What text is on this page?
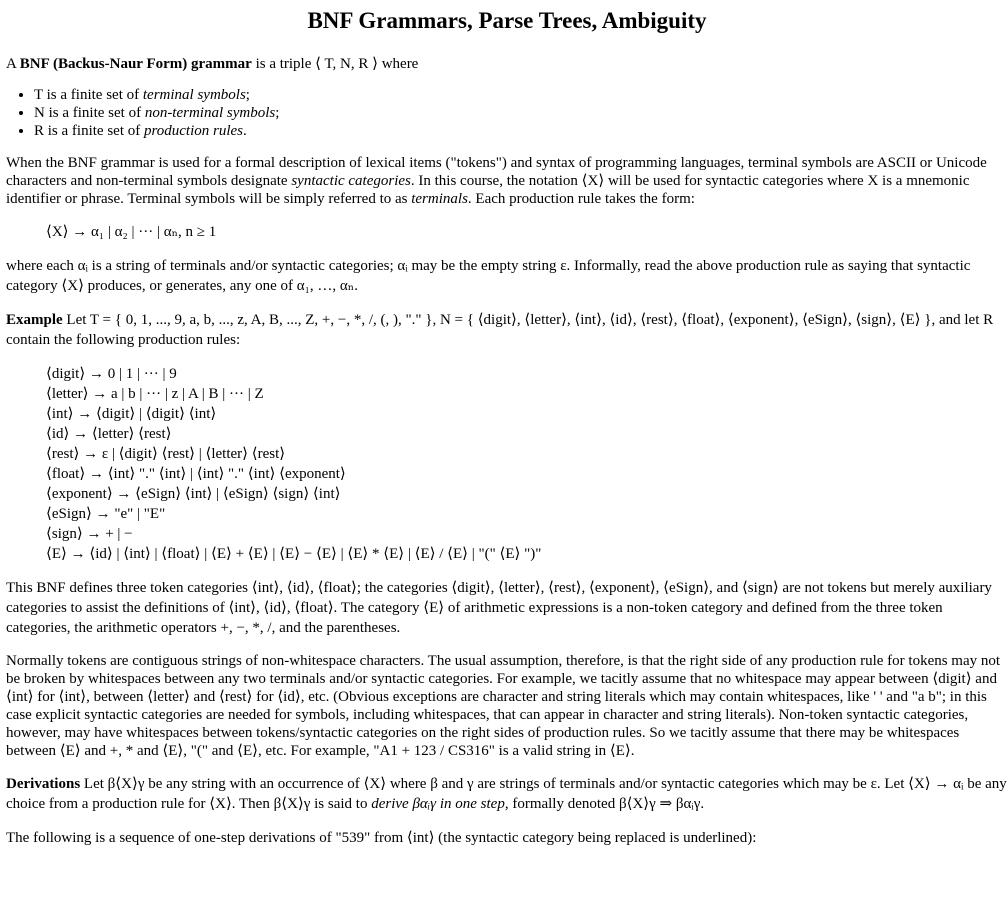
BNF Grammars, Parse Trees, Ambiguity

A BNF (Backus-Naur Form) grammar is a triple ⟨ T, N, R ⟩ where

• T is a finite set of terminal symbols;
• N is a finite set of non-terminal symbols;
• R is a finite set of production rules.

When the BNF grammar is used for a formal description of lexical items ("tokens") and syntax of programming languages, terminal symbols are ASCII or Unicode characters and non-terminal symbols designate syntactic categories. In this course, the notation ⟨X⟩ will be used for syntactic categories where X is a mnemonic identifier or phrase. Terminal symbols will be simply referred to as terminals. Each production rule takes the form:

⟨X⟩ → α₁ | α₂ | ··· | αₙ, n ≥ 1

where each αᵢ is a string of terminals and/or syntactic categories; αᵢ may be the empty string ε. Informally, read the above production rule as saying that syntactic category ⟨X⟩ produces, or generates, any one of α₁, …, αₙ.

Example Let T = { 0, 1, ..., 9, a, b, ..., z, A, B, ..., Z, +, −, *, /, (, ), "." }, N = { ⟨digit⟩, ⟨letter⟩, ⟨int⟩, ⟨id⟩, ⟨rest⟩, ⟨float⟩, ⟨exponent⟩, ⟨eSign⟩, ⟨sign⟩, ⟨E⟩ }, and let R contain the following production rules:

⟨digit⟩ → 0 | 1 | ··· | 9
⟨letter⟩ → a | b | ··· | z | A | B | ··· | Z
⟨int⟩ → ⟨digit⟩ | ⟨digit⟩ ⟨int⟩
⟨id⟩ → ⟨letter⟩ ⟨rest⟩
⟨rest⟩ → ε | ⟨digit⟩ ⟨rest⟩ | ⟨letter⟩ ⟨rest⟩
⟨float⟩ → ⟨int⟩ "." ⟨int⟩ | ⟨int⟩ "." ⟨int⟩ ⟨exponent⟩
⟨exponent⟩ → ⟨eSign⟩ ⟨int⟩ | ⟨eSign⟩ ⟨sign⟩ ⟨int⟩
⟨eSign⟩ → "e" | "E"
⟨sign⟩ → + | −
⟨E⟩ → ⟨id⟩ | ⟨int⟩ | ⟨float⟩ | ⟨E⟩ + ⟨E⟩ | ⟨E⟩ − ⟨E⟩ | ⟨E⟩ * ⟨E⟩ | ⟨E⟩ / ⟨E⟩ | "(" ⟨E⟩ ")"

This BNF defines three token categories ⟨int⟩, ⟨id⟩, ⟨float⟩; the categories ⟨digit⟩, ⟨letter⟩, ⟨rest⟩, ⟨exponent⟩, ⟨eSign⟩, and ⟨sign⟩ are not tokens but merely auxiliary categories to assist the definitions of ⟨int⟩, ⟨id⟩, ⟨float⟩. The category ⟨E⟩ of arithmetic expressions is a non-token category and defined from the three token categories, the arithmetic operators +, −, *, /, and the parentheses.

Normally tokens are contiguous strings of non-whitespace characters. The usual assumption, therefore, is that the right side of any production rule for tokens may not be broken by whitespaces between any two terminals and/or syntactic categories. For example, we tacitly assume that no whitespace may appear between ⟨digit⟩ and ⟨int⟩ for ⟨int⟩, between ⟨letter⟩ and ⟨rest⟩ for ⟨id⟩, etc. (Obvious exceptions are character and string literals which may contain whitespaces, like ' ' and "a b"; in this case explicit syntactic categories are needed for symbols, including whitespaces, that can appear in character and string literals). Non-token syntactic categories, however, may have whitespaces between tokens/syntactic categories on the right sides of production rules. So we tacitly assume that there may be whitespaces between ⟨E⟩ and +, * and ⟨E⟩, "(" and ⟨E⟩, etc. For example, "A1 + 123 / CS316" is a valid string in ⟨E⟩.

Derivations Let β⟨X⟩γ be any string with an occurrence of ⟨X⟩ where β and γ are strings of terminals and/or syntactic categories which may be ε. Let ⟨X⟩ → αᵢ be any choice from a production rule for ⟨X⟩. Then β⟨X⟩γ is said to derive βαᵢγ in one step, formally denoted β⟨X⟩γ ⇒ βαᵢγ.

The following is a sequence of one-step derivations of "539" from ⟨int⟩ (the syntactic category being replaced is underlined):
